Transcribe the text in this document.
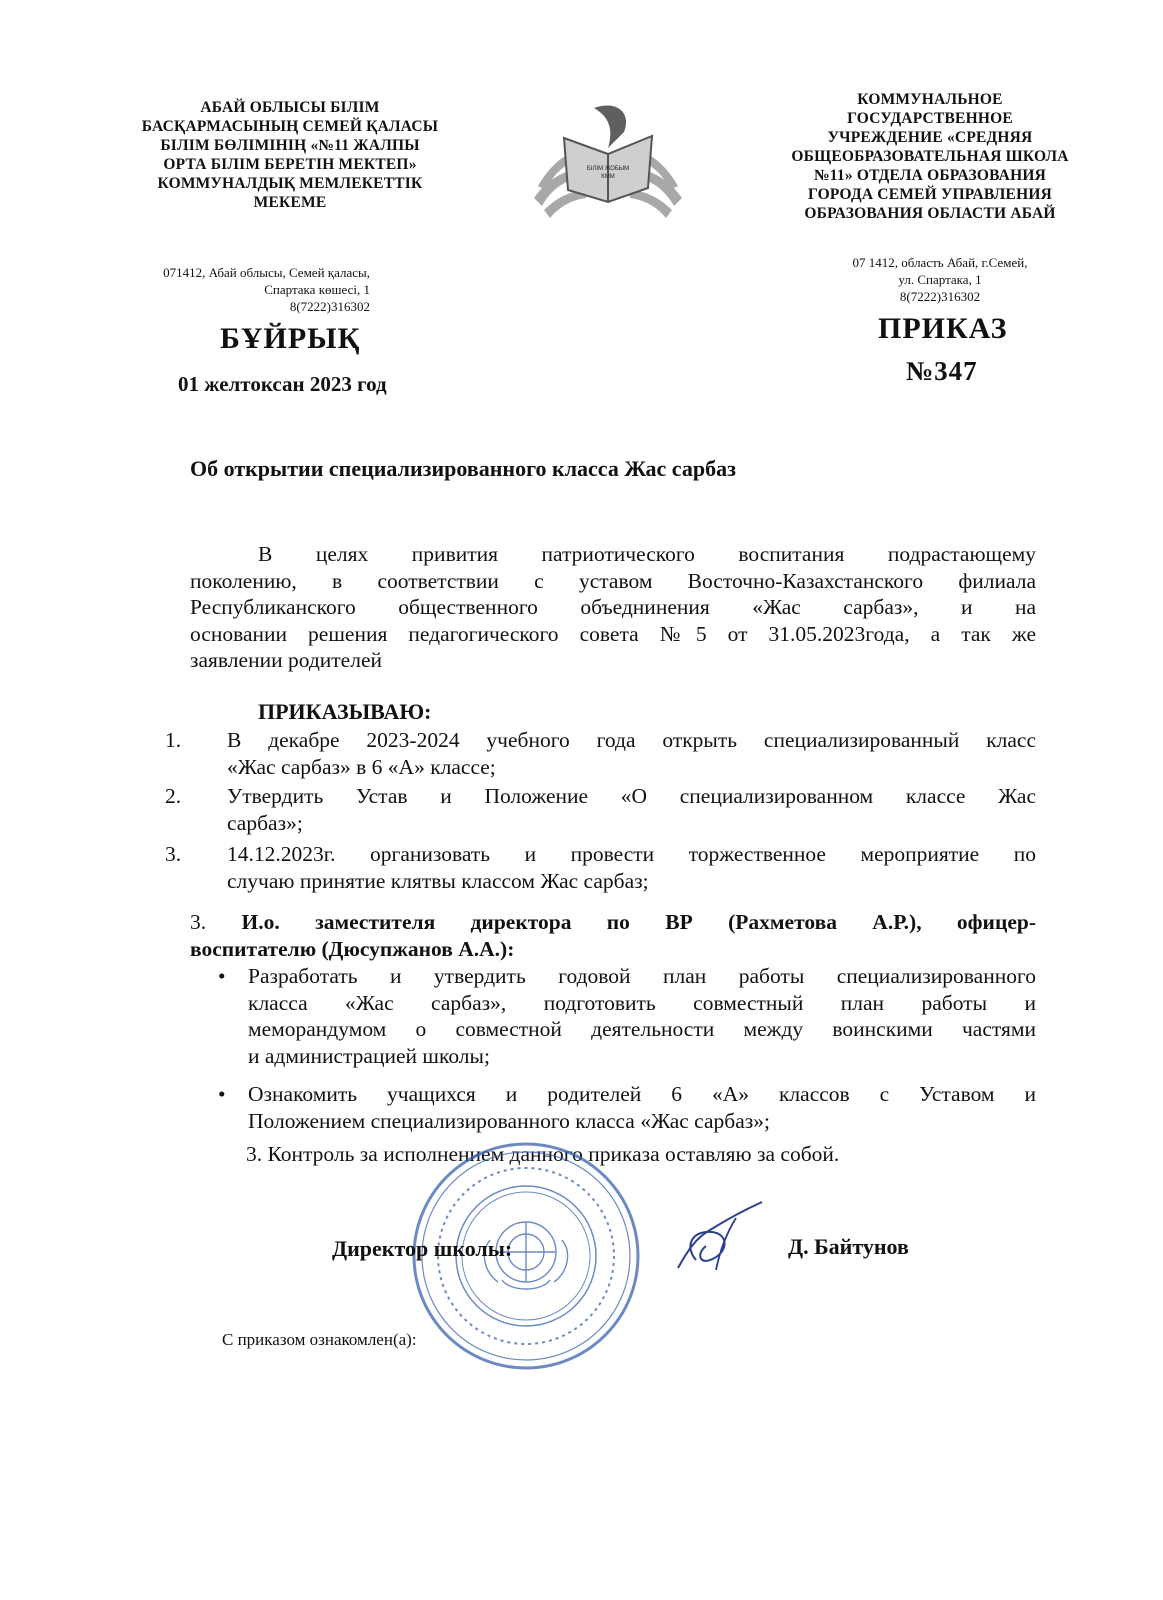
АБАЙ ОБЛЫСЫ БІЛІМ
БАСҚАРМАСЫНЫҢ СЕМЕЙ ҚАЛАСЫ
БІЛІМ БӨЛІМІНІҢ «№11 ЖАЛПЫ
ОРТА БІЛІМ БЕРЕТІН МЕКТЕП»
КОММУНАЛДЫҚ МЕМЛЕКЕТТІК
МЕКЕМЕ
071412, Абай облысы, Семей қаласы,
Спартака көшесі, 1
8(7222)316302
БІЛІМ ЖОБЫМ
КММ
КОММУНАЛЬНОЕ
ГОСУДАРСТВЕННОЕ
УЧРЕЖДЕНИЕ «СРЕДНЯЯ
ОБЩЕОБРАЗОВАТЕЛЬНАЯ ШКОЛА
№11» ОТДЕЛА ОБРАЗОВАНИЯ
ГОРОДА СЕМЕЙ УПРАВЛЕНИЯ
ОБРАЗОВАНИЯ ОБЛАСТИ АБАЙ
07 1412, область Абай, г.Семей,
ул. Спартака, 1
8(7222)316302
БҰЙРЫҚ
01 желтоксан 2023 год
ПРИКАЗ
№347
Об открытии специализированного класса Жас сарбаз
В целях привития патриотического воспитания подрастающему
поколению, в соответствии с уставом Восточно-Казахстанского филиала
Республиканского общественного объеднинения «Жас сарбаз», и на
основании решения педагогического совета №5 от 31.05.2023года, а так же
заявлении родителей
ПРИКАЗЫВАЮ:
1. В декабре 2023-2024 учебного года открыть специализированный класс
«Жас сарбаз» в 6 «А» классе;
2. Утвердить Устав и Положение «О специализированном классе Жас
сарбаз»;
3. 14.12.2023г. организовать и провести торжественное мероприятие по
случаю принятие клятвы классом Жас сарбаз;
3. И.о. заместителя директора по ВР (Рахметова А.Р.), офицер-
воспитателю (Дюсупжанов А.А.):
• Разработать и утвердить годовой план работы специализированного
класса «Жас сарбаз», подготовить совместный план работы и
меморандумом о совместной деятельности между воинскими частями
и администрацией школы;
• Ознакомить учащихся и родителей 6 «А» классов с Уставом и
Положением специализированного класса «Жас сарбаз»;
3. Контроль за исполнением данного приказа оставляю за собой.
Директор школы:	Д. Байтунов
С приказом ознакомлен(а):
